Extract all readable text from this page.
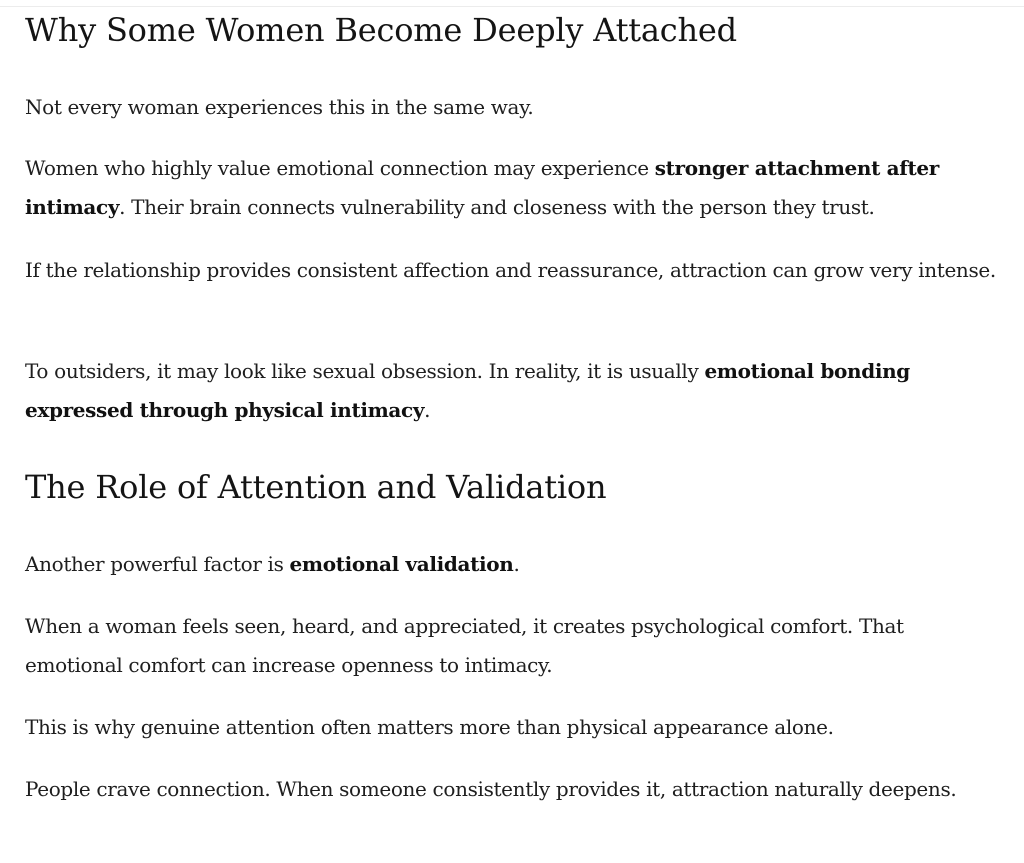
Why Some Women Become Deeply Attached

Not every woman experiences this in the same way.

Women who highly value emotional connection may experience stronger attachment after intimacy. Their brain connects vulnerability and closeness with the person they trust.

If the relationship provides consistent affection and reassurance, attraction can grow very intense.

To outsiders, it may look like sexual obsession. In reality, it is usually emotional bonding expressed through physical intimacy.

The Role of Attention and Validation

Another powerful factor is emotional validation.

When a woman feels seen, heard, and appreciated, it creates psychological comfort. That emotional comfort can increase openness to intimacy.

This is why genuine attention often matters more than physical appearance alone.

People crave connection. When someone consistently provides it, attraction naturally deepens.
